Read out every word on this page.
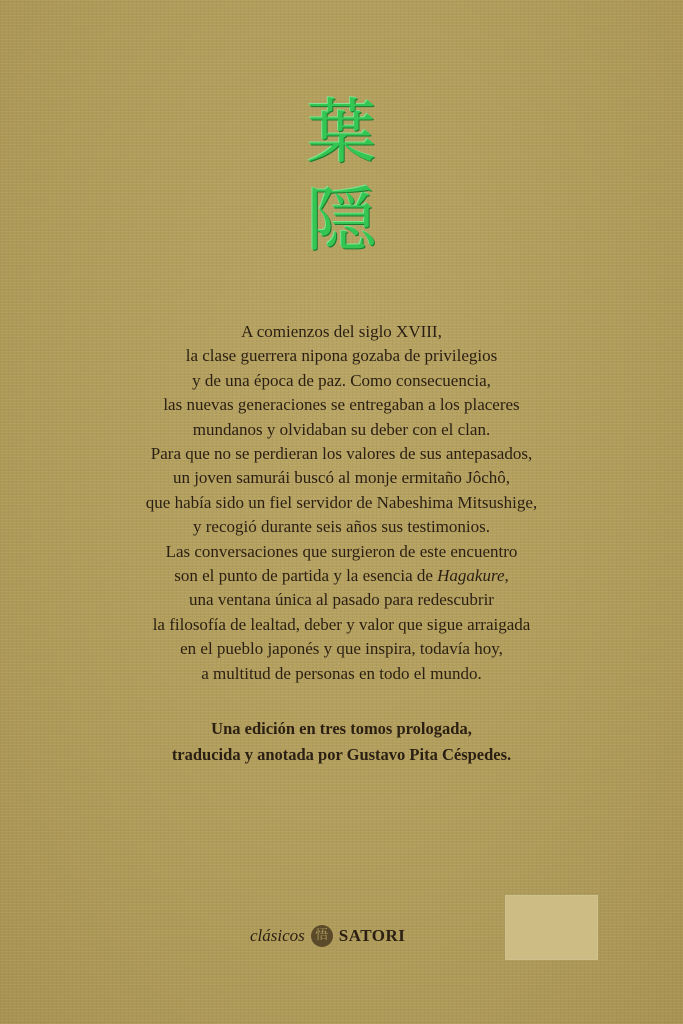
葉
隠
A comienzos del siglo XVIII,
la clase guerrera nipona gozaba de privilegios
y de una época de paz. Como consecuencia,
las nuevas generaciones se entregaban a los placeres
mundanos y olvidaban su deber con el clan.
Para que no se perdieran los valores de sus antepasados,
un joven samurái buscó al monje ermitaño Jôchô,
que había sido un fiel servidor de Nabeshima Mitsushige,
y recogió durante seis años sus testimonios.
Las conversaciones que surgieron de este encuentro
son el punto de partida y la esencia de Hagakure,
una ventana única al pasado para redescubrir
la filosofía de lealtad, deber y valor que sigue arraigada
en el pueblo japonés y que inspira, todavía hoy,
a multitud de personas en todo el mundo.
Una edición en tres tomos prologada,
traducida y anotada por Gustavo Pita Céspedes.
clásicos 悟 SATORI
